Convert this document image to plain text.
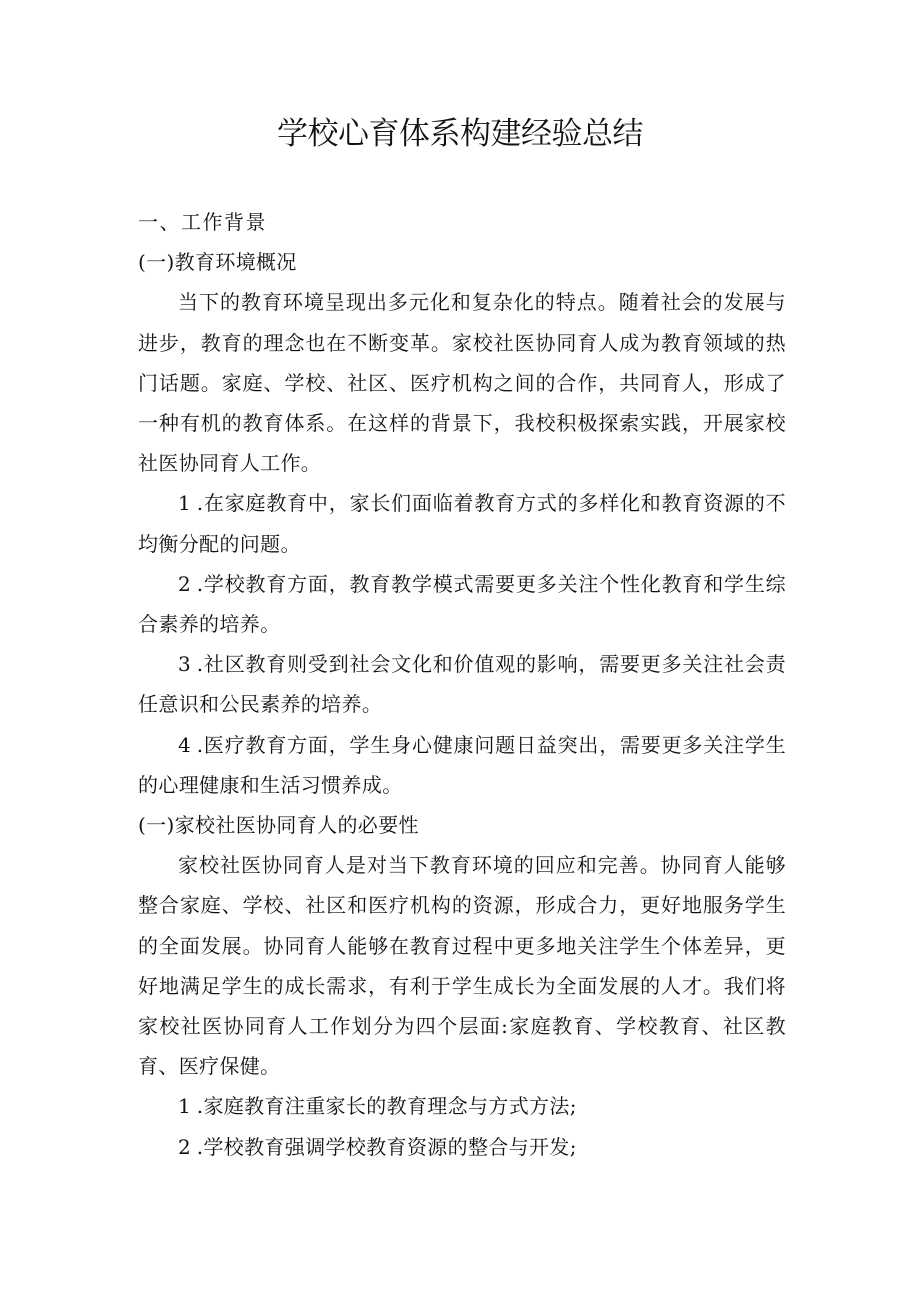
学校心育体系构建经验总结
一、工作背景
(一)教育环境概况

当下的教育环境呈现出多元化和复杂化的特点。随着社会的发展与进步，教育的理念也在不断变革。家校社医协同育人成为教育领域的热门话题。家庭、学校、社区、医疗机构之间的合作，共同育人，形成了一种有机的教育体系。在这样的背景下，我校积极探索实践，开展家校社医协同育人工作。

1.在家庭教育中，家长们面临着教育方式的多样化和教育资源的不均衡分配的问题。

2.学校教育方面，教育教学模式需要更多关注个性化教育和学生综合素养的培养。

3.社区教育则受到社会文化和价值观的影响，需要更多关注社会责任意识和公民素养的培养。

4.医疗教育方面，学生身心健康问题日益突出，需要更多关注学生的心理健康和生活习惯养成。

(一)家校社医协同育人的必要性

家校社医协同育人是对当下教育环境的回应和完善。协同育人能够整合家庭、学校、社区和医疗机构的资源，形成合力，更好地服务学生的全面发展。协同育人能够在教育过程中更多地关注学生个体差异，更好地满足学生的成长需求，有利于学生成长为全面发展的人才。我们将家校社医协同育人工作划分为四个层面:家庭教育、学校教育、社区教育、医疗保健。

1.家庭教育注重家长的教育理念与方式方法;

2.学校教育强调学校教育资源的整合与开发;
